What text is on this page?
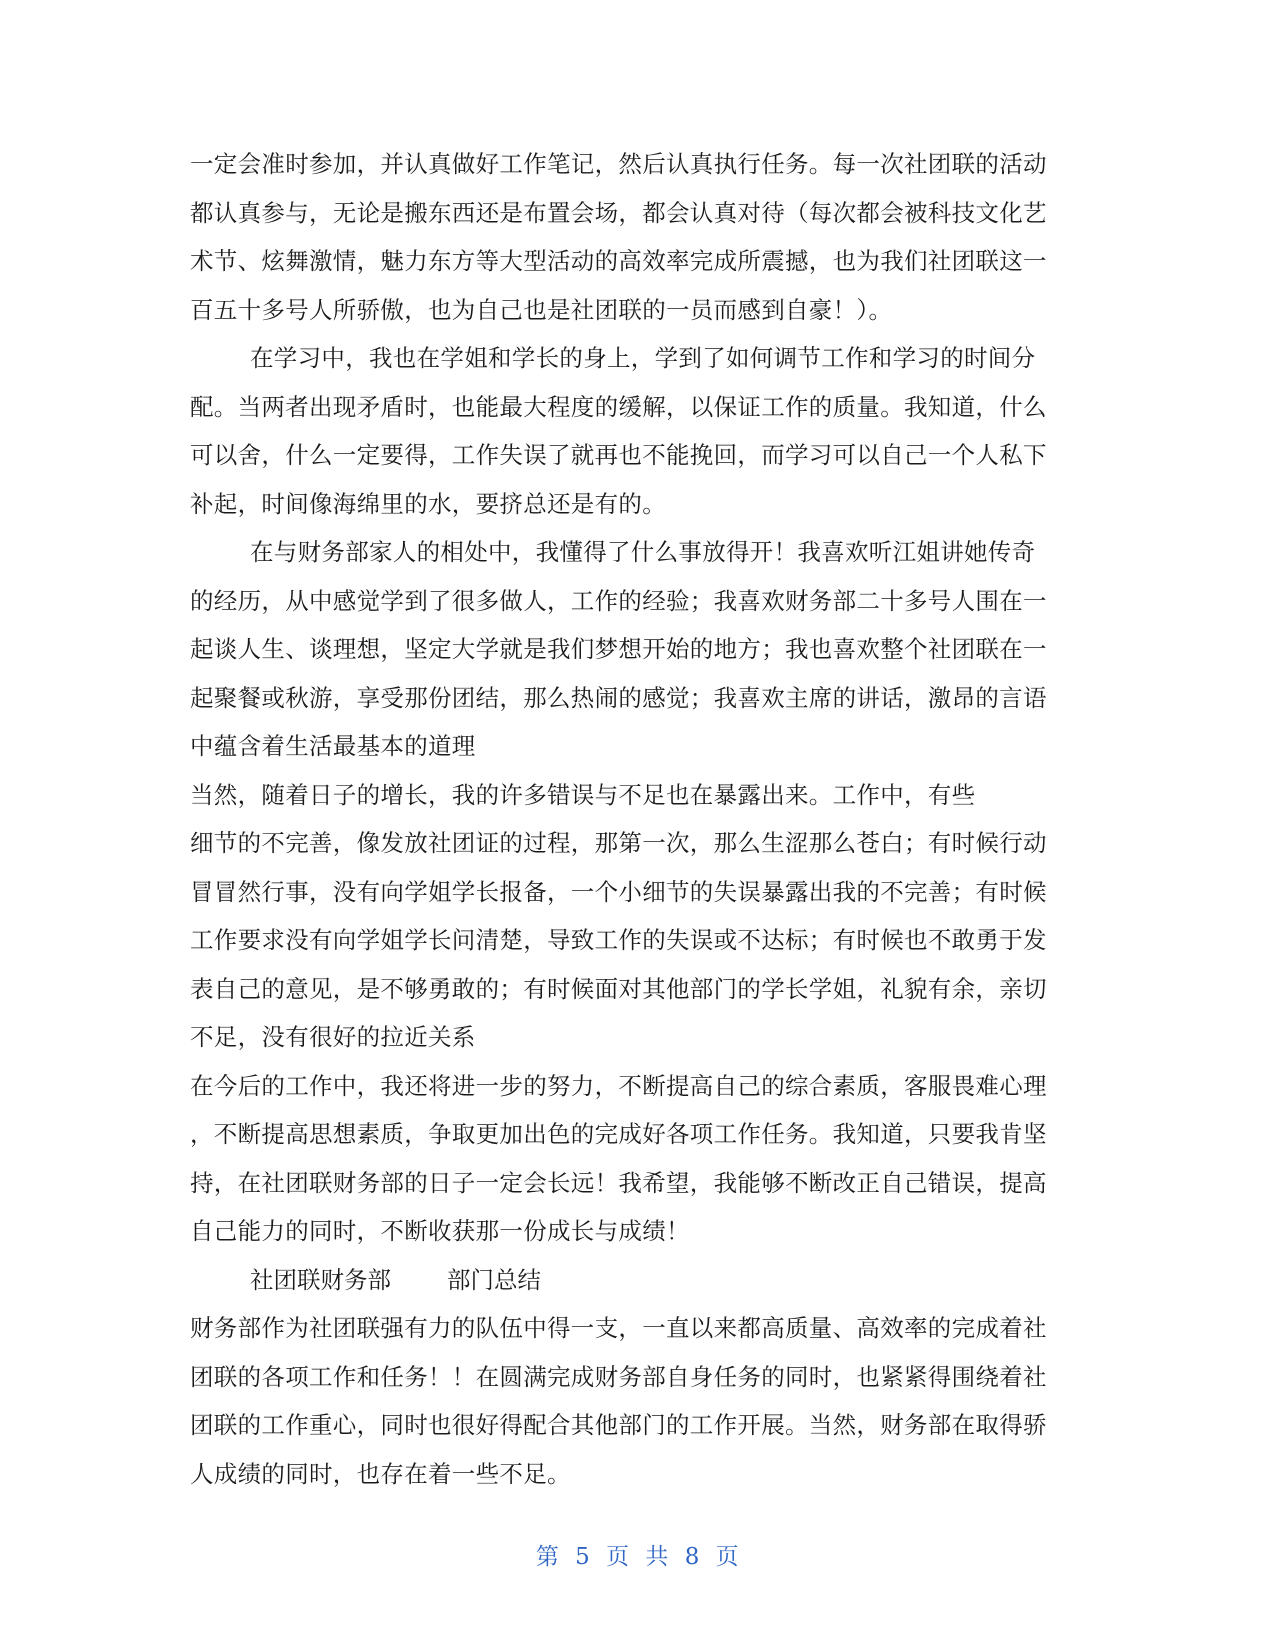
一定会准时参加，并认真做好工作笔记，然后认真执行任务。每一次社团联的活动

都认真参与，无论是搬东西还是布置会场，都会认真对待（每次都会被科技文化艺

术节、炫舞激情，魅力东方等大型活动的高效率完成所震撼，也为我们社团联这一

百五十多号人所骄傲，也为自己也是社团联的一员而感到自豪！）。

在学习中，我也在学姐和学长的身上，学到了如何调节工作和学习的时间分

配。当两者出现矛盾时，也能最大程度的缓解，以保证工作的质量。我知道，什么

可以舍，什么一定要得，工作失误了就再也不能挽回，而学习可以自己一个人私下

补起，时间像海绵里的水，要挤总还是有的。

在与财务部家人的相处中，我懂得了什么事放得开！我喜欢听江姐讲她传奇

的经历，从中感觉学到了很多做人，工作的经验；我喜欢财务部二十多号人围在一

起谈人生、谈理想，坚定大学就是我们梦想开始的地方；我也喜欢整个社团联在一

起聚餐或秋游，享受那份团结，那么热闹的感觉；我喜欢主席的讲话，激昂的言语

中蕴含着生活最基本的道理

当然，随着日子的增长，我的许多错误与不足也在暴露出来。工作中，有些

细节的不完善，像发放社团证的过程，那第一次，那么生涩那么苍白；有时候行动

冒冒然行事，没有向学姐学长报备，一个小细节的失误暴露出我的不完善；有时候

工作要求没有向学姐学长问清楚，导致工作的失误或不达标；有时候也不敢勇于发

表自己的意见，是不够勇敢的；有时候面对其他部门的学长学姐，礼貌有余，亲切

不足，没有很好的拉近关系

在今后的工作中，我还将进一步的努力，不断提高自己的综合素质，客服畏难心理

，不断提高思想素质，争取更加出色的完成好各项工作任务。我知道，只要我肯坚

持，在社团联财务部的日子一定会长远！我希望，我能够不断改正自己错误，提高

自己能力的同时，不断收获那一份成长与成绩！

社团联财务部 部门总结

财务部作为社团联强有力的队伍中得一支，一直以来都高质量、高效率的完成着社

团联的各项工作和任务！！在圆满完成财务部自身任务的同时，也紧紧得围绕着社

团联的工作重心，同时也很好得配合其他部门的工作开展。当然，财务部在取得骄

人成绩的同时，也存在着一些不足。

第 5 页 共 8 页
